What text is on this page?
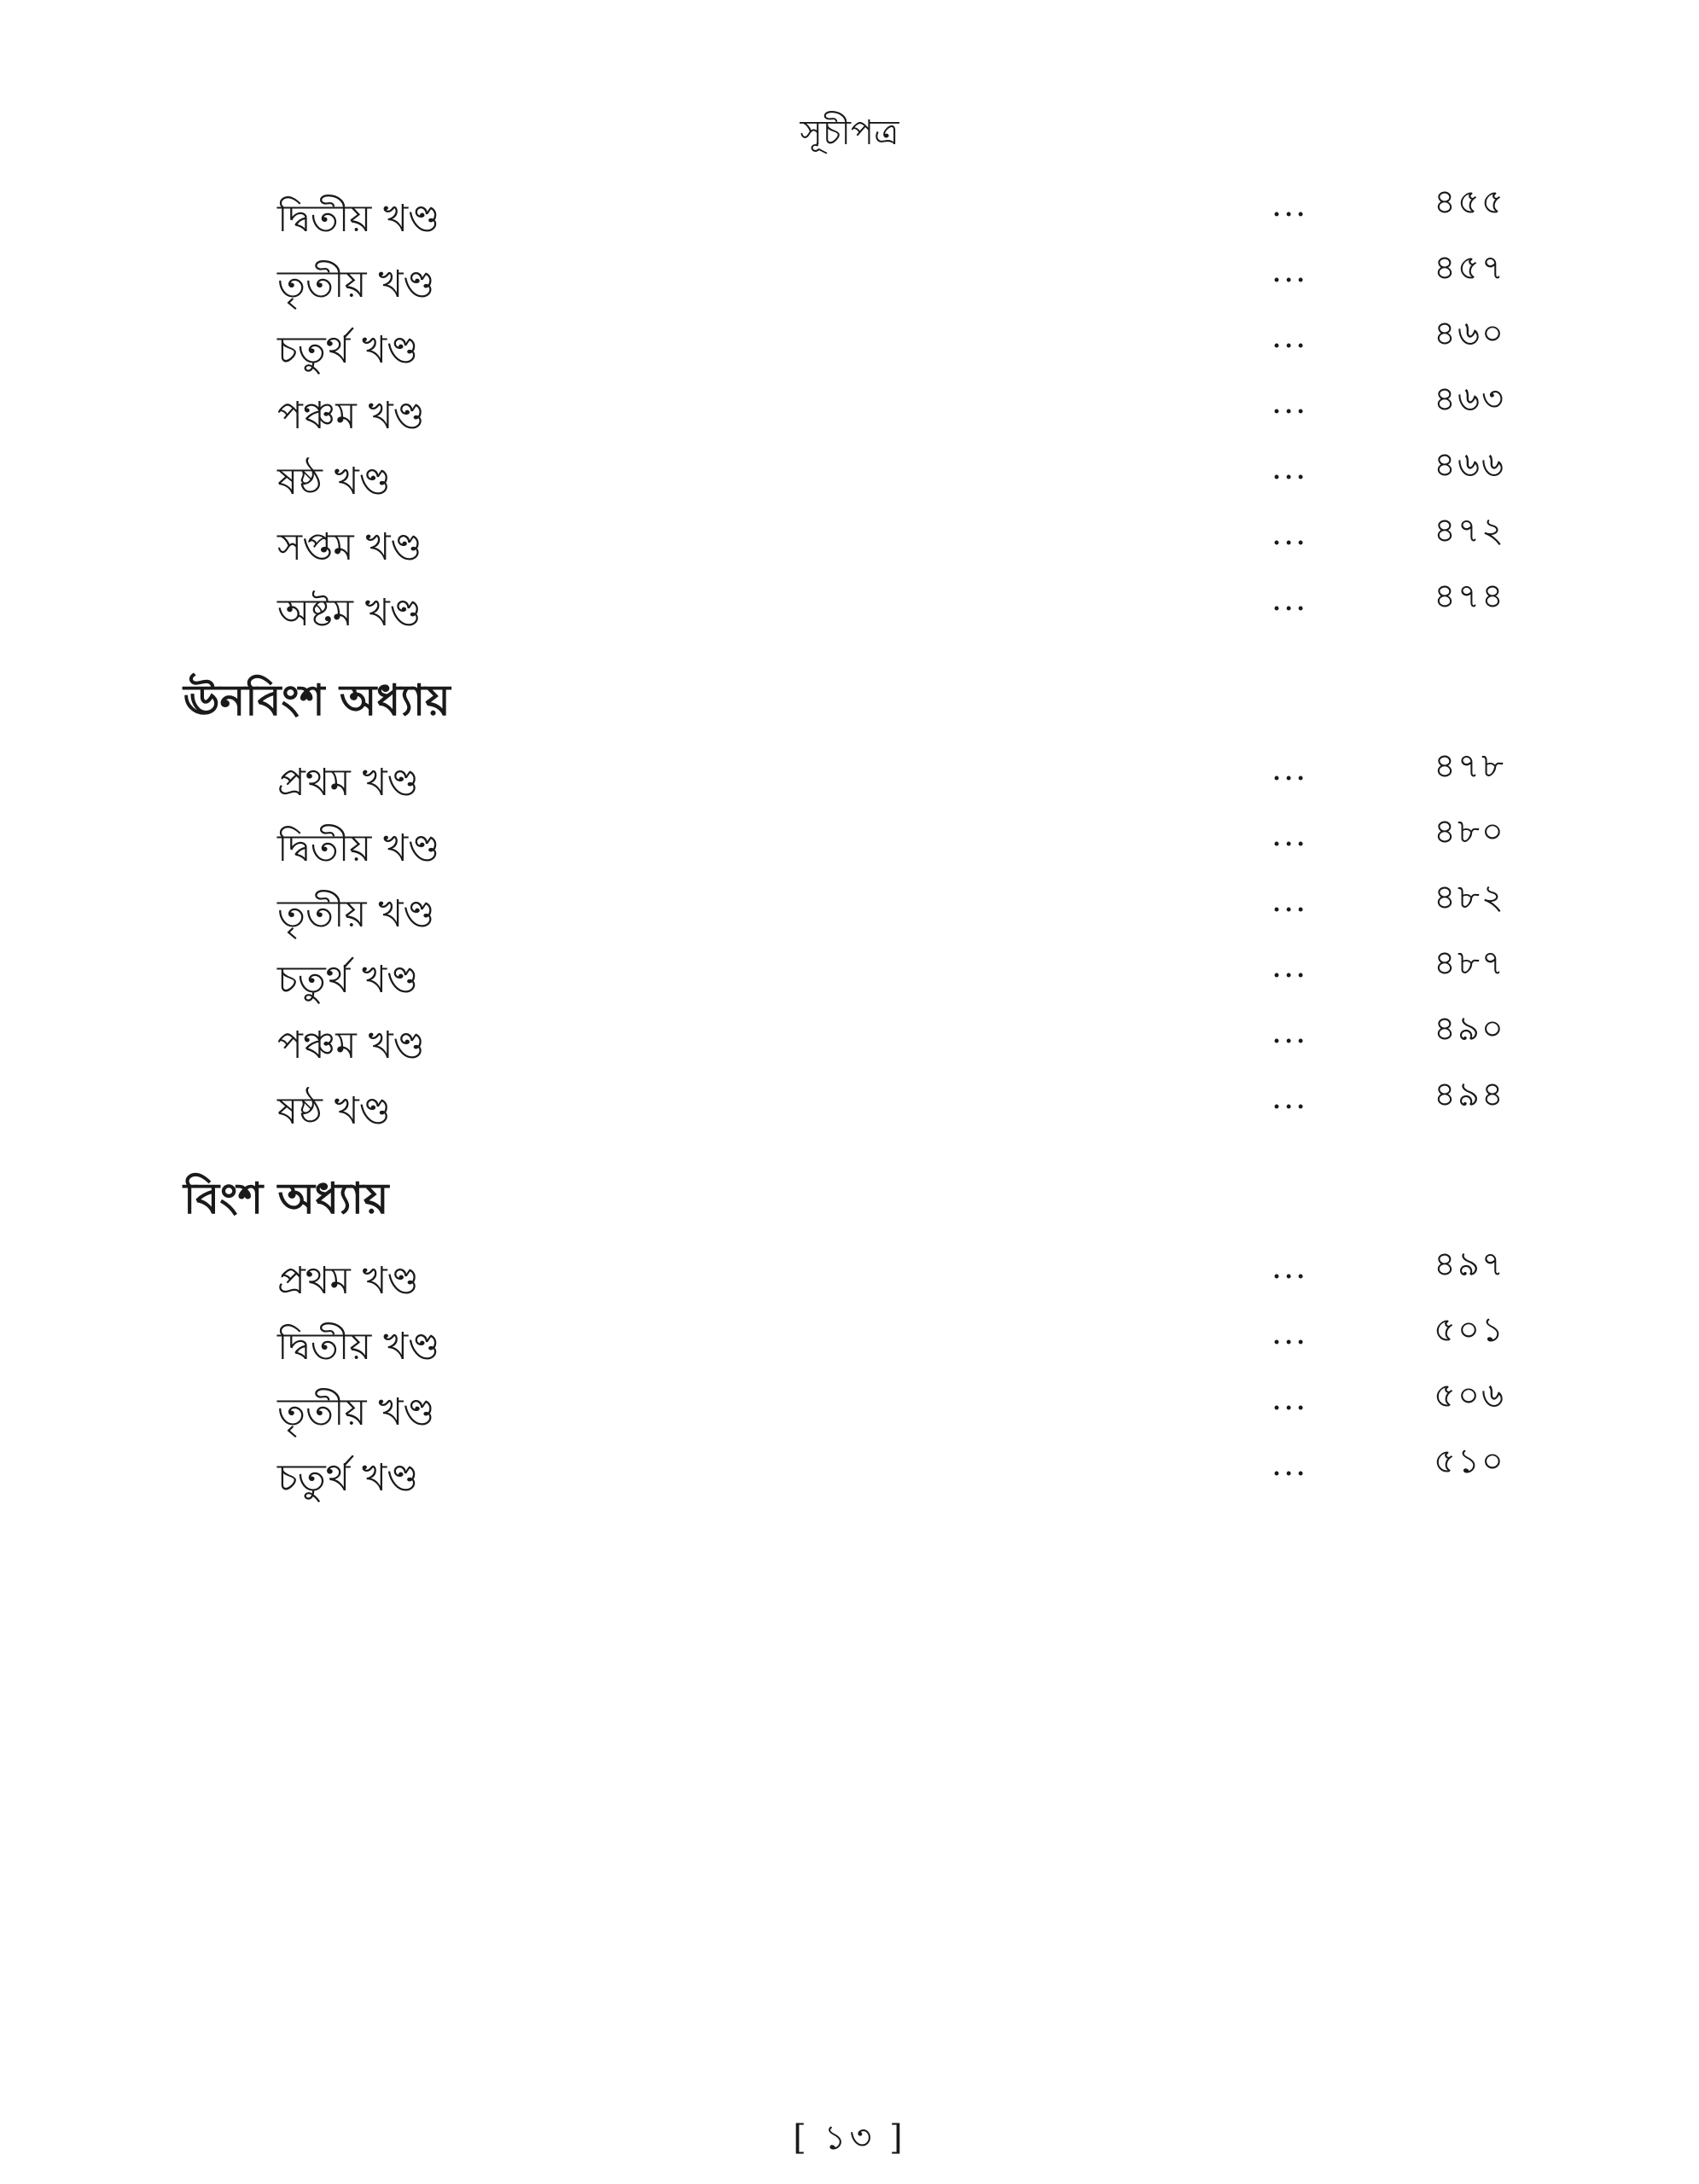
সূচীপত্র
দ্বিতীয় খণ্ড	...	৪৫৫
তৃতীয় খণ্ড	...	৪৫৭
চতুর্থ খণ্ড	...	৪৬০
পঞ্চম খণ্ড	...	৪৬৩
ষষ্ঠ খণ্ড	...	৪৬৬
সপ্তম খণ্ড	...	৪৭২
অষ্টম খণ্ড	...	৪৭৪
ঊনবিংশ অধ্যায়
প্রথম খণ্ড	...	৪৭৮
দ্বিতীয় খণ্ড	...	৪৮০
তৃতীয় খণ্ড	...	৪৮২
চতুর্থ খণ্ড	...	৪৮৭
পঞ্চম খণ্ড	...	৪৯০
ষষ্ঠ খণ্ড	...	৪৯৪
বিংশ অধ্যায়
প্রথম খণ্ড	...	৪৯৭
দ্বিতীয় খণ্ড	...	৫০১
তৃতীয় খণ্ড	...	৫০৬
চতুর্থ খণ্ড	...	৫১০
[ ১৩ ]
